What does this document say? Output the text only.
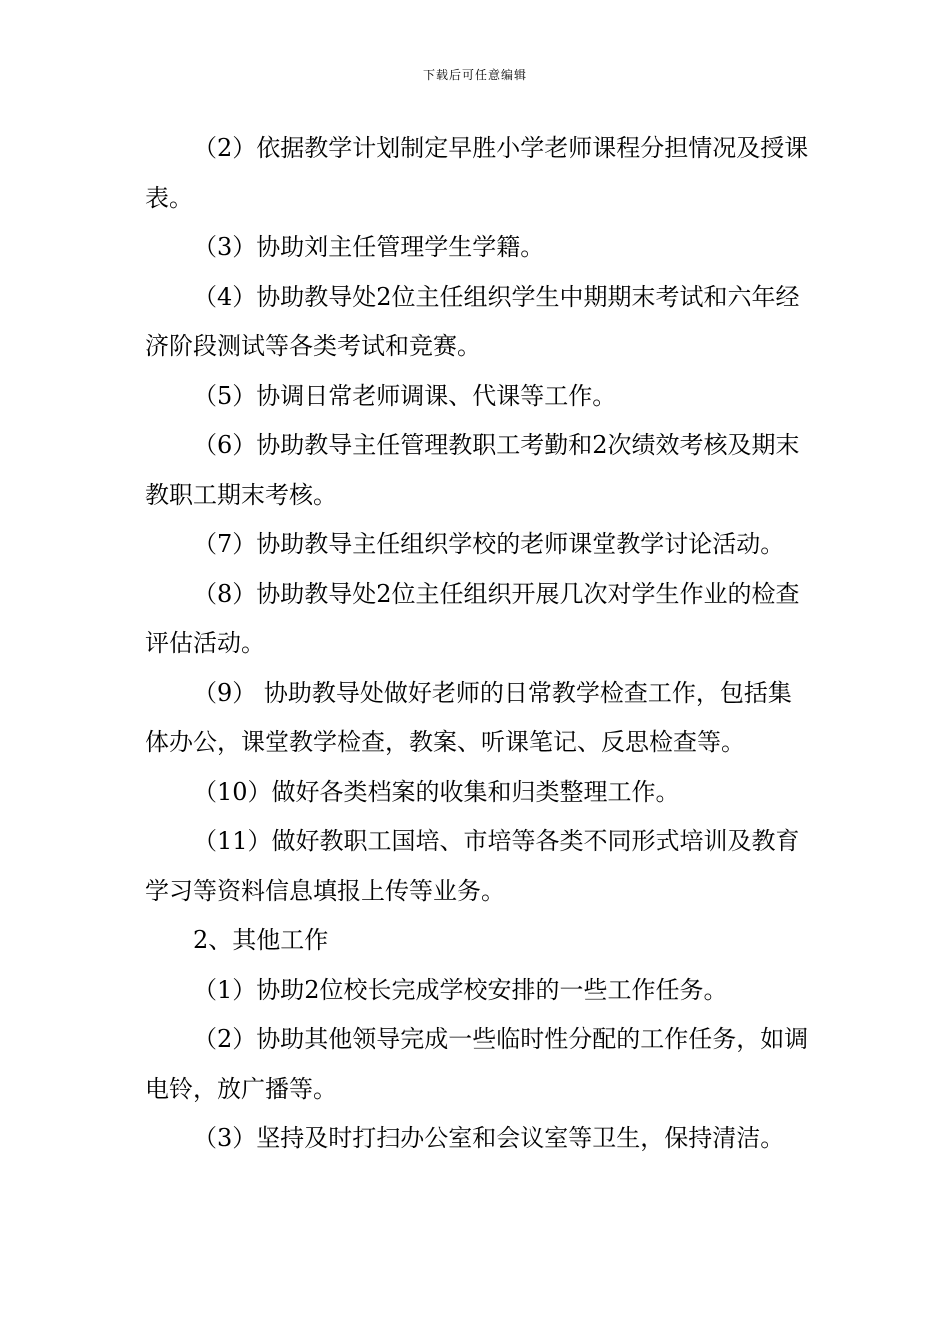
下载后可任意编辑

（2）依据教学计划制定早胜小学老师课程分担情况及授课表。

（3）协助刘主任管理学生学籍。

（4）协助教导处2位主任组织学生中期期末考试和六年经济阶段测试等各类考试和竞赛。

（5）协调日常老师调课、代课等工作。

（6）协助教导主任管理教职工考勤和2次绩效考核及期末教职工期末考核。

（7）协助教导主任组织学校的老师课堂教学讨论活动。

（8）协助教导处2位主任组织开展几次对学生作业的检查评估活动。

（9） 协助教导处做好老师的日常教学检查工作，包括集体办公，课堂教学检查，教案、听课笔记、反思检查等。

（10）做好各类档案的收集和归类整理工作。

（11）做好教职工国培、市培等各类不同形式培训及教育学习等资料信息填报上传等业务。

2、其他工作

（1）协助2位校长完成学校安排的一些工作任务。

（2）协助其他领导完成一些临时性分配的工作任务，如调电铃，放广播等。

（3）坚持及时打扫办公室和会议室等卫生，保持清洁。
